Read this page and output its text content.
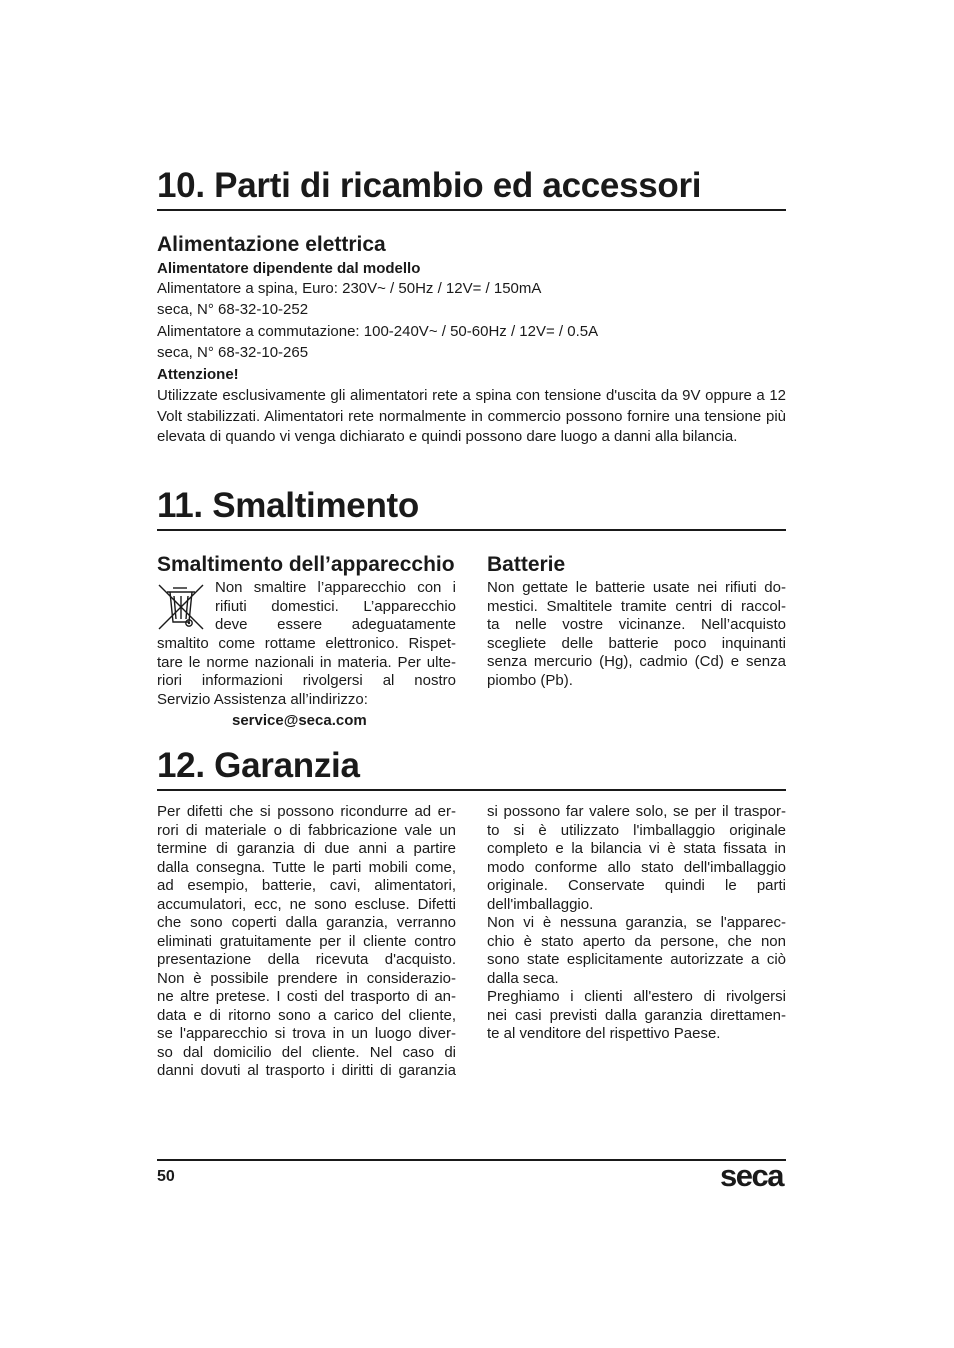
10. Parti di ricambio ed accessori
Alimentazione elettrica
Alimentatore dipendente dal modello
Alimentatore a spina, Euro: 230V~ / 50Hz / 12V= / 150mA
seca, N° 68-32-10-252
Alimentatore a commutazione: 100-240V~ / 50-60Hz / 12V= / 0.5A
seca, N° 68-32-10-265
Attenzione!
Utilizzate esclusivamente gli alimentatori rete a spina con tensione d'uscita da 9V oppure a 12 Volt stabilizzati. Alimentatori rete normalmente in commercio possono fornire una tensione più elevata di quando vi venga dichiarato e quindi possono dare luogo a danni alla bilancia.
11. Smaltimento
Smaltimento dell’apparecchio
Non smaltire l’apparecchio con i
rifiuti domestici. L’apparecchio
deve essere adeguatamente
smaltito come rottame elettronico. Rispet-
tare le norme nazionali in materia. Per ulte-
riori informazioni rivolgersi al nostro
Servizio Assistenza all’indirizzo:
service@seca.com
Batterie
Non gettate le batterie usate nei rifiuti do-
mestici. Smaltitele tramite centri di raccol-
ta nelle vostre vicinanze. Nell’acquisto
scegliete delle batterie poco inquinanti
senza mercurio (Hg), cadmio (Cd) e senza
piombo (Pb).
12. Garanzia
Per difetti che si possono ricondurre ad er-
rori di materiale o di fabbricazione vale un
termine di garanzia di due anni a partire
dalla consegna. Tutte le parti mobili come,
ad esempio, batterie, cavi, alimentatori,
accumulatori, ecc, ne sono escluse. Difetti
che sono coperti dalla garanzia, verranno
eliminati gratuitamente per il cliente contro
presentazione della ricevuta d'acquisto.
Non è possibile prendere in considerazio-
ne altre pretese. I costi del trasporto di an-
data e di ritorno sono a carico del cliente,
se l'apparecchio si trova in un luogo diver-
so dal domicilio del cliente. Nel caso di
danni dovuti al trasporto i diritti di garanzia

si possono far valere solo, se per il traspor-
to si è utilizzato l'imballaggio originale
completo e la bilancia vi è stata fissata in
modo conforme allo stato dell'imballaggio
originale. Conservate quindi le parti
dell'imballaggio.

Non vi è nessuna garanzia, se l'apparec-
chio è stato aperto da persone, che non
sono state esplicitamente autorizzate a ciò
dalla seca.

Preghiamo i clienti all'estero di rivolgersi
nei casi previsti dalla garanzia direttamen-
te al venditore del rispettivo Paese.

50	seca
